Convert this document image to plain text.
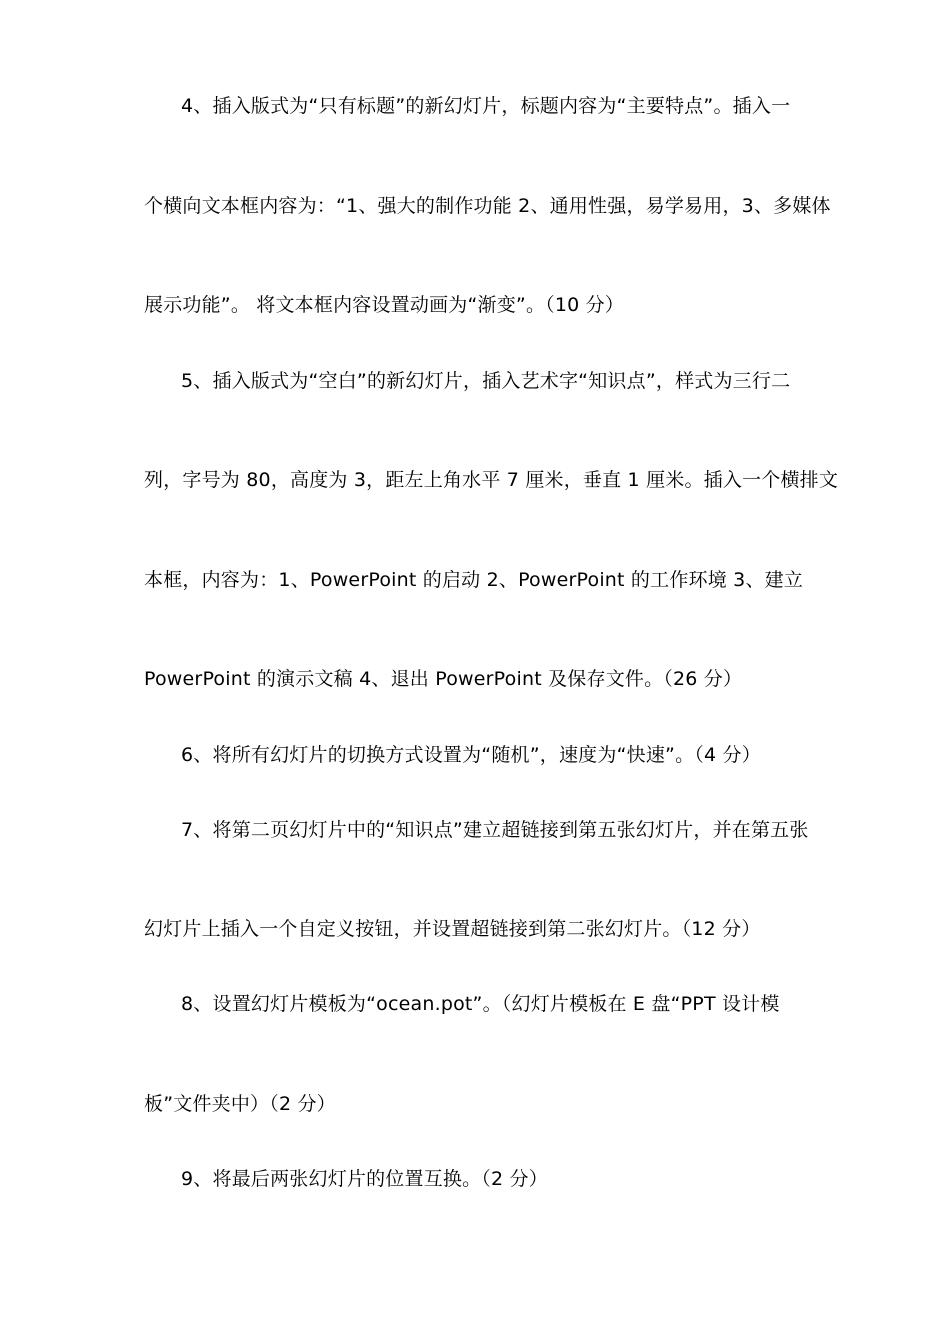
4、插入版式为“只有标题”的新幻灯片，标题内容为“主要特点”。插入一
个横向文本框内容为：“1、强大的制作功能 2、通用性强，易学易用，3、多媒体
展示功能”。 将文本框内容设置动画为“渐变”。（10 分）
5、插入版式为“空白”的新幻灯片，插入艺术字“知识点”，样式为三行二
列，字号为 80，高度为 3，距左上角水平 7 厘米，垂直 1 厘米。插入一个横排文
本框，内容为：1、PowerPoint 的启动 2、PowerPoint 的工作环境 3、建立
PowerPoint 的演示文稿 4、退出 PowerPoint 及保存文件。（26 分）
6、将所有幻灯片的切换方式设置为“随机”，速度为“快速”。（4 分）
7、将第二页幻灯片中的“知识点”建立超链接到第五张幻灯片，并在第五张
幻灯片上插入一个自定义按钮，并设置超链接到第二张幻灯片。（12 分）
8、设置幻灯片模板为“ocean.pot”。（幻灯片模板在 E 盘“PPT 设计模
板”文件夹中）（2 分）
9、将最后两张幻灯片的位置互换。（2 分）
